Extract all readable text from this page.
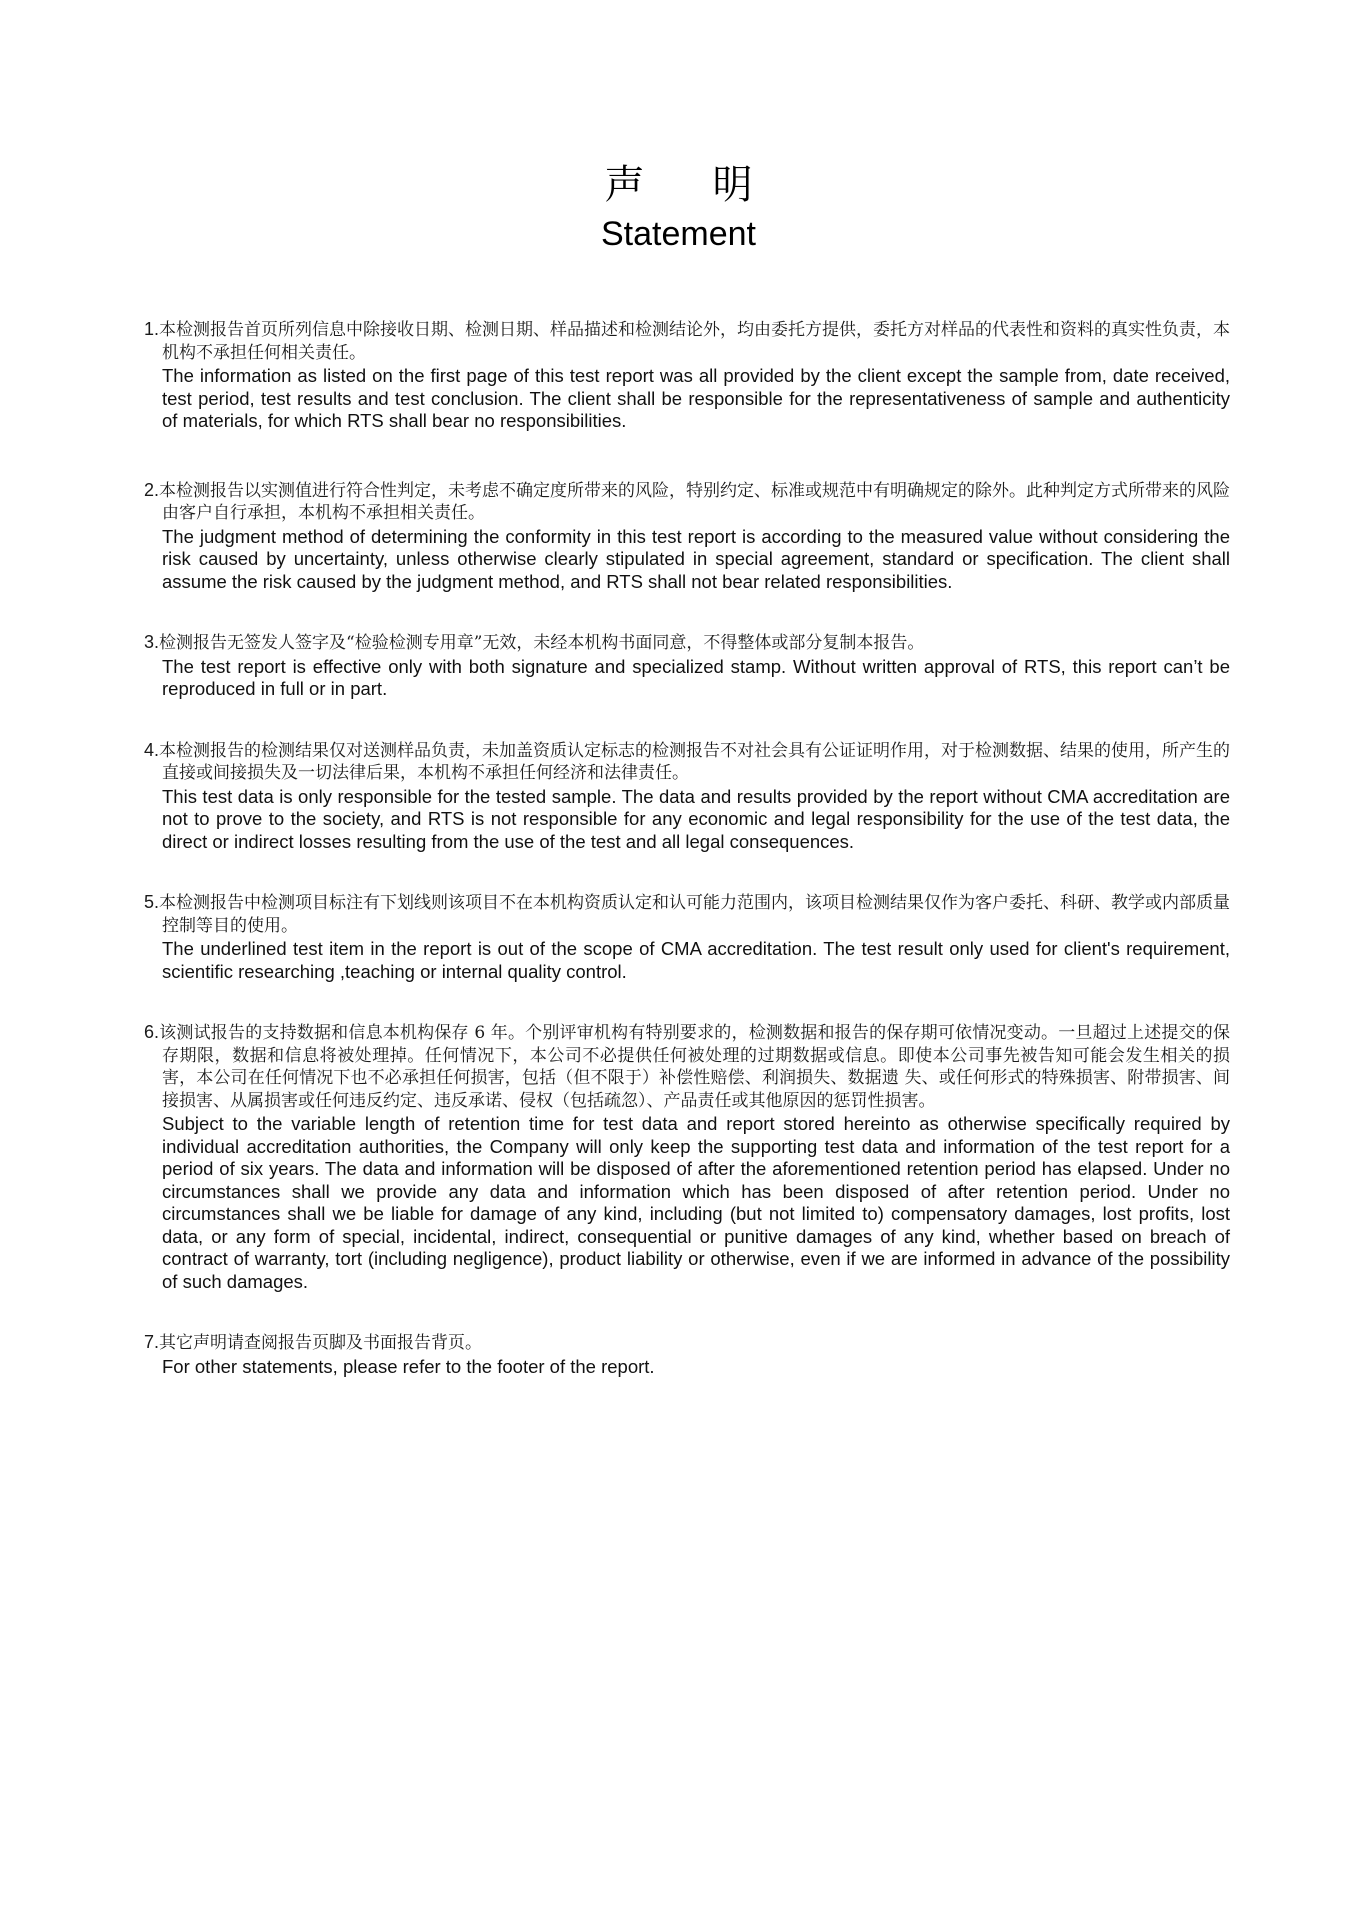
声明
Statement
1.本检测报告首页所列信息中除接收日期、检测日期、样品描述和检测结论外，均由委托方提供，委托方对样品的代表性和资料的真实性负责，本机构不承担任何相关责任。
The information as listed on the first page of this test report was all provided by the client except the sample from, date received, test period, test results and test conclusion. The client shall be responsible for the representativeness of sample and authenticity of materials, for which RTS shall bear no responsibilities.
2.本检测报告以实测值进行符合性判定，未考虑不确定度所带来的风险，特别约定、标准或规范中有明确规定的除外。此种判定方式所带来的风险由客户自行承担，本机构不承担相关责任。
The judgment method of determining the conformity in this test report is according to the measured value without considering the risk caused by uncertainty, unless otherwise clearly stipulated in special agreement, standard or specification. The client shall assume the risk caused by the judgment method, and RTS shall not bear related responsibilities.
3.检测报告无签发人签字及“检验检测专用章”无效，未经本机构书面同意，不得整体或部分复制本报告。
The test report is effective only with both signature and specialized stamp. Without written approval of RTS, this report can’t be reproduced in full or in part.
4.本检测报告的检测结果仅对送测样品负责，未加盖资质认定标志的检测报告不对社会具有公证证明作用，对于检测数据、结果的使用，所产生的直接或间接损失及一切法律后果，本机构不承担任何经济和法律责任。
This test data is only responsible for the tested sample. The data and results provided by the report without CMA accreditation are not to prove to the society, and RTS is not responsible for any economic and legal responsibility for the use of the test data, the direct or indirect losses resulting from the use of the test and all legal consequences.
5.本检测报告中检测项目标注有下划线则该项目不在本机构资质认定和认可能力范围内，该项目检测结果仅作为客户委托、科研、教学或内部质量控制等目的使用。
The underlined test item in the report is out of the scope of CMA accreditation. The test result only used for client's requirement, scientific researching ,teaching or internal quality control.
6.该测试报告的支持数据和信息本机构保存 6 年。个别评审机构有特别要求的，检测数据和报告的保存期可依情况变动。一旦超过上述提交的保存期限，数据和信息将被处理掉。任何情况下，本公司不必提供任何被处理的过期数据或信息。即使本公司事先被告知可能会发生相关的损害，本公司在任何情况下也不必承担任何损害，包括（但不限于）补偿性赔偿、利润损失、数据遗 失、或任何形式的特殊损害、附带损害、间接损害、从属损害或任何违反约定、违反承诺、侵权（包括疏忽）、产品责任或其他原因的惩罚性损害。
Subject to the variable length of retention time for test data and report stored hereinto as otherwise specifically required by individual accreditation authorities, the Company will only keep the supporting test data and information of the test report for a period of six years. The data and information will be disposed of after the aforementioned retention period has elapsed. Under no circumstances shall we provide any data and information which has been disposed of after retention period. Under no circumstances shall we be liable for damage of any kind, including (but not limited to) compensatory damages, lost profits, lost data, or any form of special, incidental, indirect, consequential or punitive damages of any kind, whether based on breach of contract of warranty, tort (including negligence), product liability or otherwise, even if we are informed in advance of the possibility of such damages.
7.其它声明请查阅报告页脚及书面报告背页。
For other statements, please refer to the footer of the report.
